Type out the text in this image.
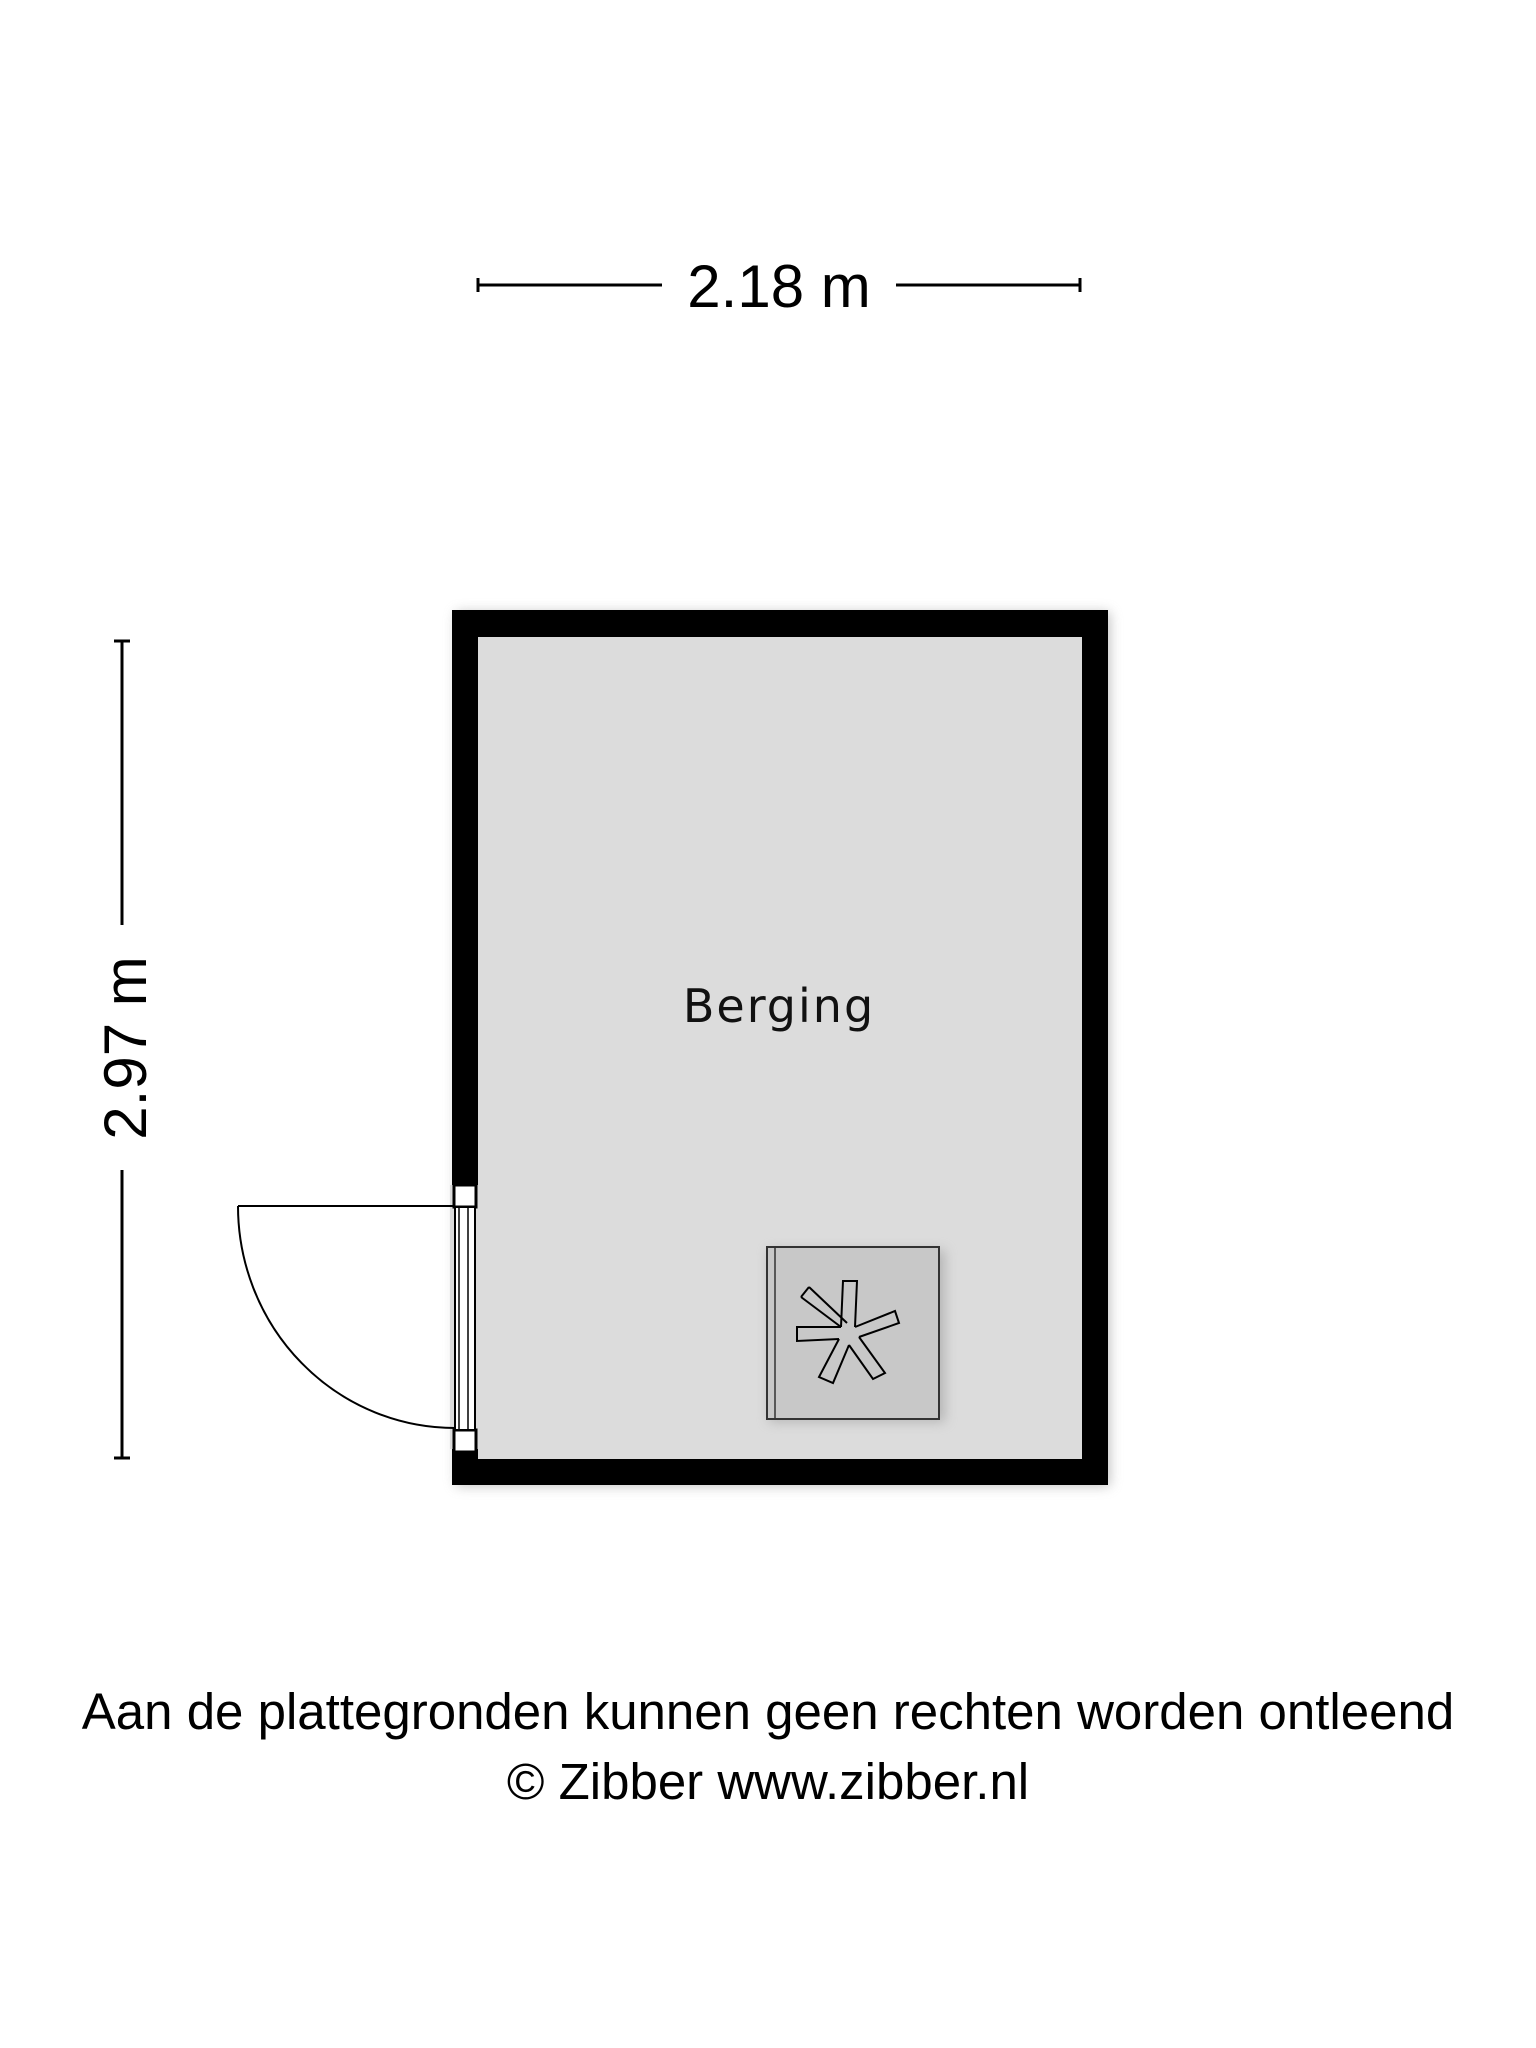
2.18 m
2.97 m	Berging
Aan de plattegronden kunnen geen rechten worden ontleend
© Zibber www.zibber.nl
